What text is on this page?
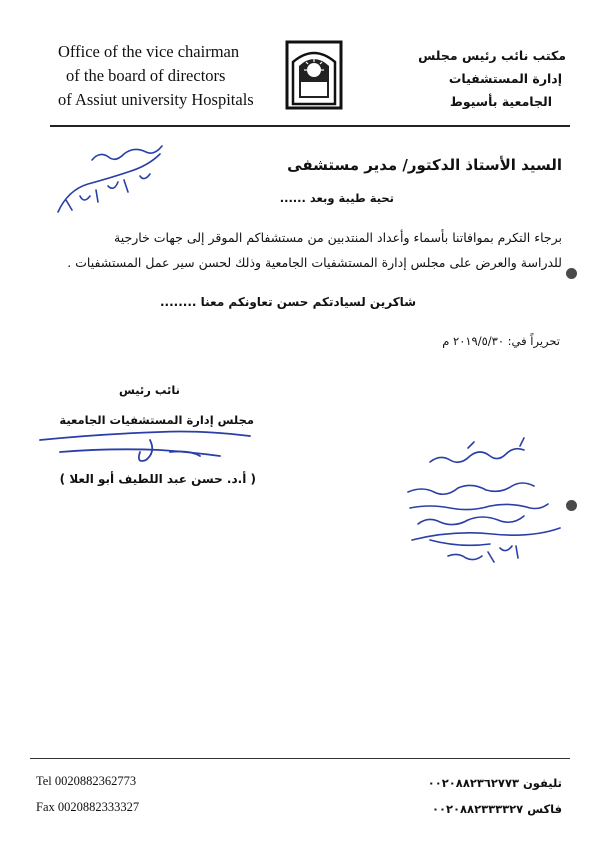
Office of the vice chairman
of the board of directors
of Assiut university Hospitals
مكتب نائب رئيس مجلس
إدارة المستشفيات
الجامعية بأسيوط
السيد الأستاذ الدكتور/ مدير مستشفى
تحية طيبة وبعد ......
برجاء التكرم بموافاتنا بأسماء وأعداد المنتدبين من مستشفاكم الموقر إلى جهات خارجية
للدراسة والعرض على مجلس إدارة المستشفيات الجامعية وذلك لحسن سير عمل المستشفيات .
شاكرين لسيادتكم حسن تعاونكم معنا ........
تحريراً في: ٢٠١٩/٥/٣٠ م
نائب رئيس
مجلس إدارة المستشفيات الجامعية
( أ.د. حسن عبد اللطيف أبو العلا )
Tel 0020882362773
Fax 0020882333327
تليفون ٠٠٢٠٨٨٢٣٦٢٧٧٣
فاكس ٠٠٢٠٨٨٢٣٣٣٣٢٧
